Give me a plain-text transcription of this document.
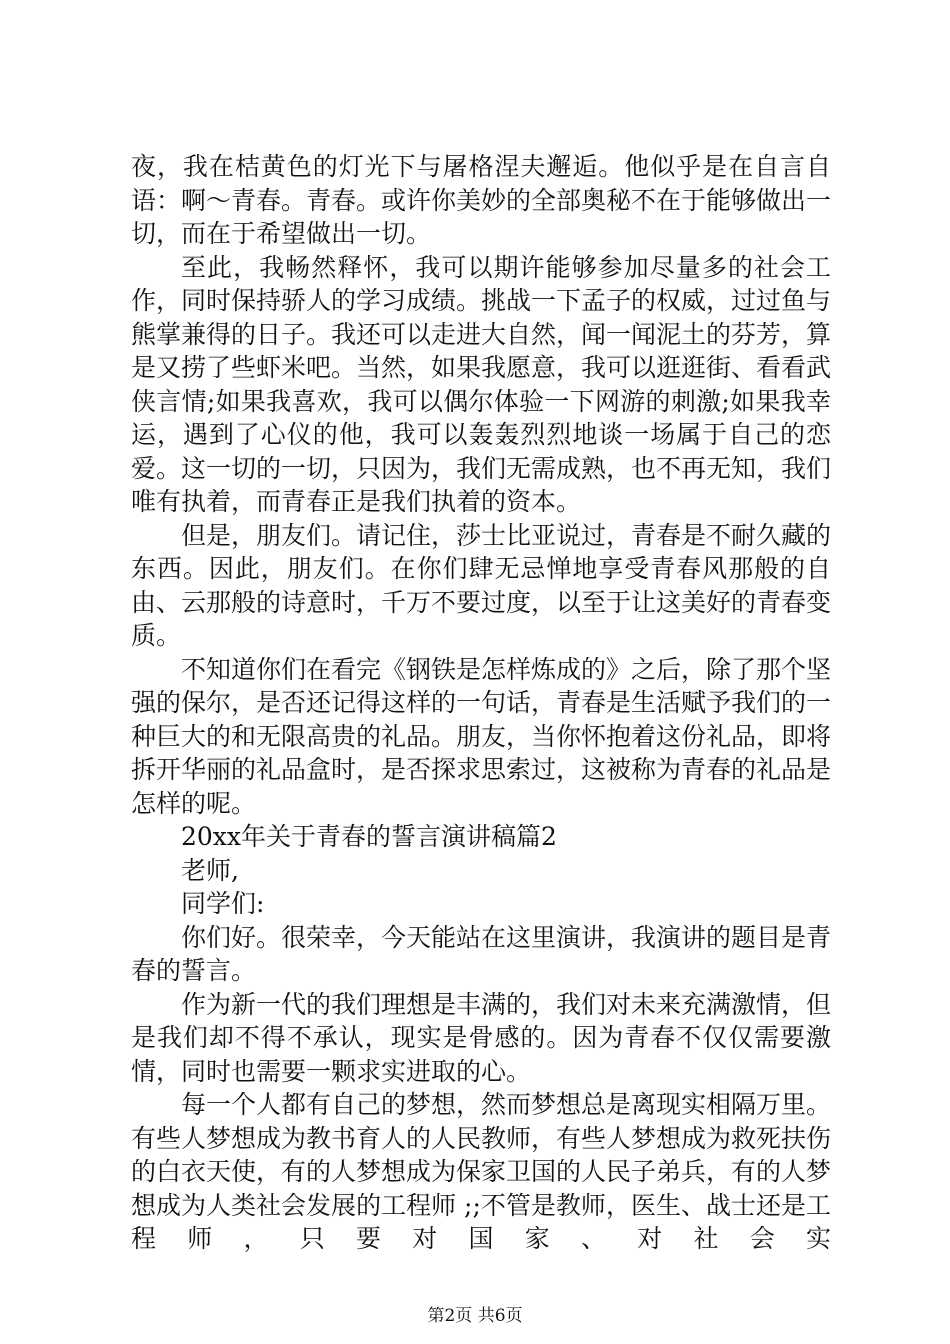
夜，我在桔黄色的灯光下与屠格涅夫邂逅。他似乎是在自言自语：啊～青春。青春。或许你美妙的全部奥秘不在于能够做出一切，而在于希望做出一切。

至此，我畅然释怀，我可以期许能够参加尽量多的社会工作，同时保持骄人的学习成绩。挑战一下孟子的权威，过过鱼与熊掌兼得的日子。我还可以走进大自然，闻一闻泥土的芬芳，算是又捞了些虾米吧。当然，如果我愿意，我可以逛逛街、看看武侠言情;如果我喜欢，我可以偶尔体验一下网游的刺激;如果我幸运，遇到了心仪的他，我可以轰轰烈烈地谈一场属于自己的恋爱。这一切的一切，只因为，我们无需成熟，也不再无知，我们唯有执着，而青春正是我们执着的资本。

但是，朋友们。请记住，莎士比亚说过，青春是不耐久藏的东西。因此，朋友们。在你们肆无忌惮地享受青春风那般的自由、云那般的诗意时，千万不要过度，以至于让这美好的青春变质。

不知道你们在看完《钢铁是怎样炼成的》之后，除了那个坚强的保尔，是否还记得这样的一句话，青春是生活赋予我们的一种巨大的和无限高贵的礼品。朋友，当你怀抱着这份礼品，即将拆开华丽的礼品盒时，是否探求思索过，这被称为青春的礼品是怎样的呢。

20xx年关于青春的誓言演讲稿篇2

老师,

同学们:

你们好。很荣幸，今天能站在这里演讲，我演讲的题目是青春的誓言。

作为新一代的我们理想是丰满的，我们对未来充满激情，但是我们却不得不承认，现实是骨感的。因为青春不仅仅需要激情，同时也需要一颗求实进取的心。

每一个人都有自己的梦想，然而梦想总是离现实相隔万里。有些人梦想成为教书育人的人民教师，有些人梦想成为救死扶伤的白衣天使，有的人梦想成为保家卫国的人民子弟兵，有的人梦想成为人类社会发展的工程师 ;;不管是教师，医生、战士还是工程师，只要对国家、对社会实

第2页 共6页
